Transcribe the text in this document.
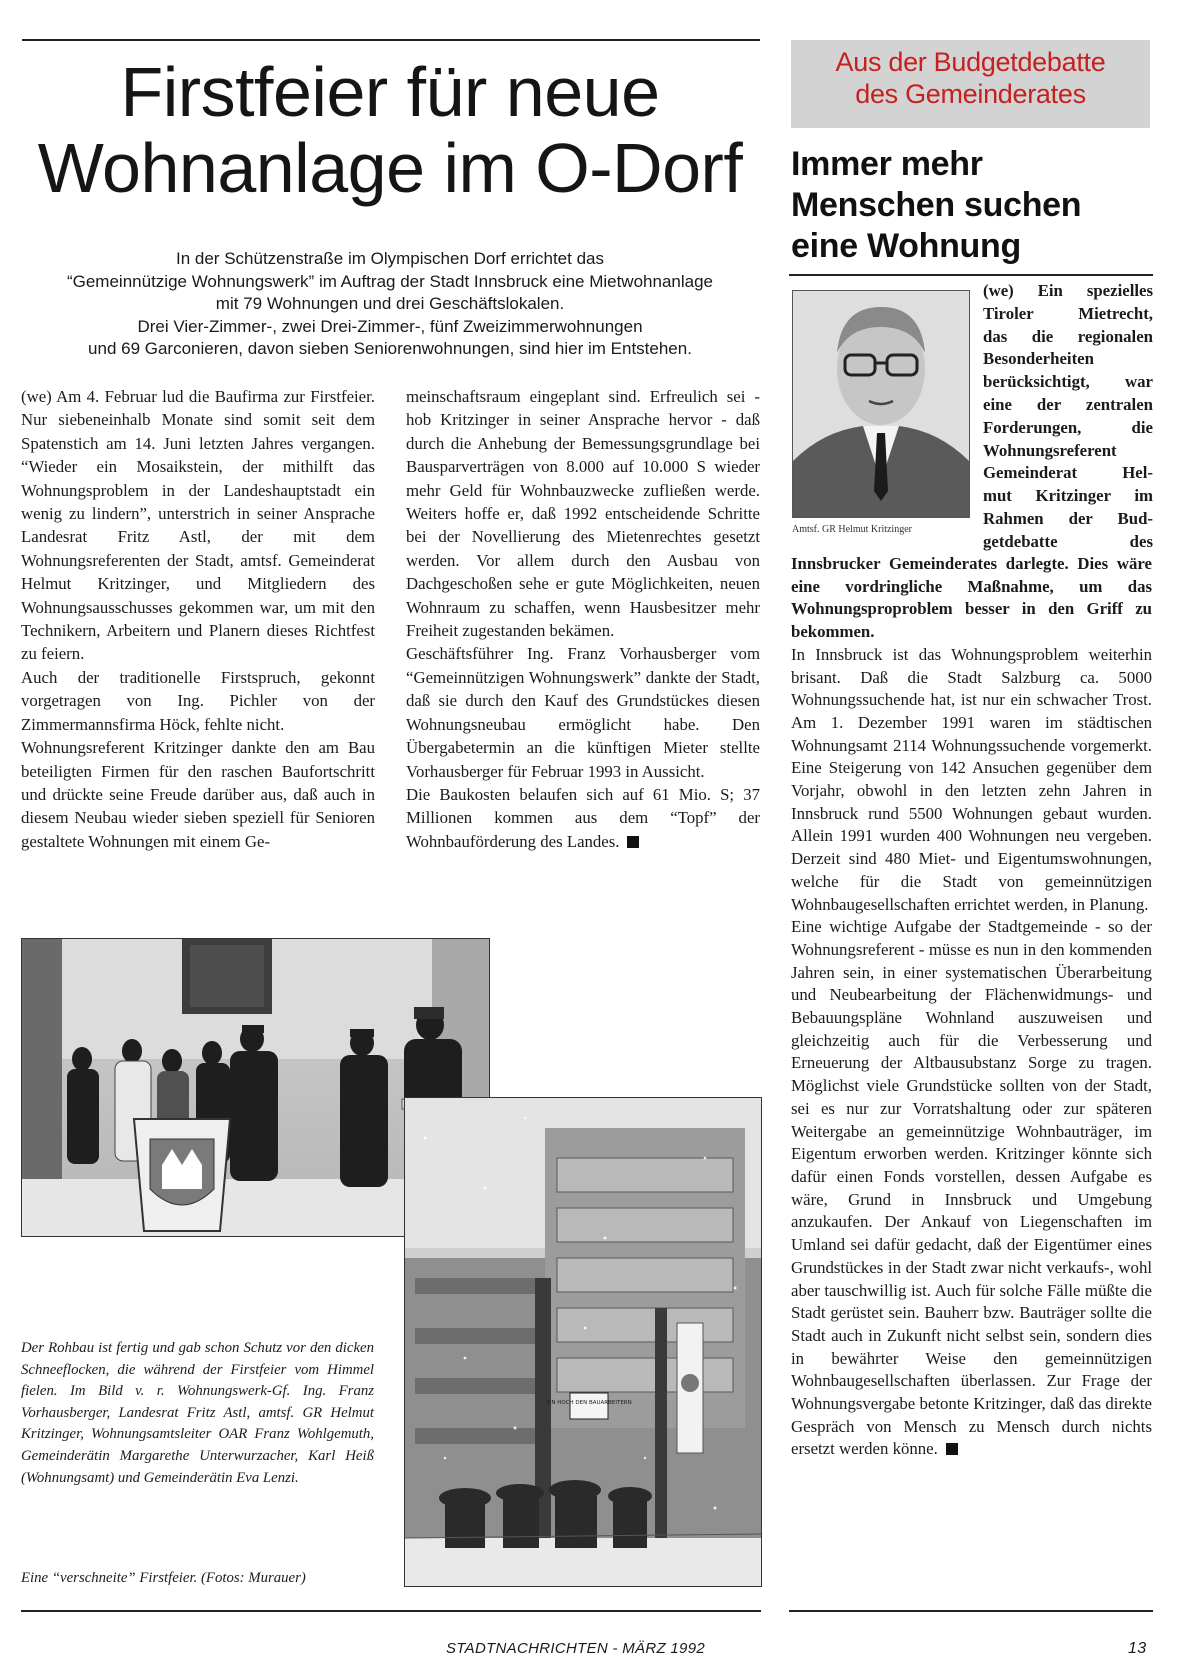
Firstfeier für neue
Wohnanlage im O-Dorf
In der Schützenstraße im Olympischen Dorf errichtet das
“Gemeinnützige Wohnungswerk” im Auftrag der Stadt Innsbruck eine Mietwohnanlage
mit 79 Wohnungen und drei Geschäftslokalen.
Drei Vier-Zimmer-, zwei Drei-Zimmer-, fünf Zweizimmerwohnungen
und 69 Garconieren, davon sieben Seniorenwohnungen, sind hier im Entstehen.

(we) Am 4. Februar lud die Baufirma zur Firstfeier. Nur siebeneinhalb Monate sind somit seit dem Spatenstich am 14. Juni letzten Jahres vergangen. “Wieder ein Mosaikstein, der mithilft das Wohnungsproblem in der Landeshauptstadt ein wenig zu lindern”, unterstrich in seiner Ansprache Landesrat Fritz Astl, der mit dem Wohnungsreferenten der Stadt, amtsf. Gemeinderat Helmut Kritzinger, und Mitgliedern des Wohnungsausschusses gekommen war, um mit den Technikern, Arbeitern und Planern dieses Richtfest zu feiern.

Auch der traditionelle Firstspruch, gekonnt vorgetragen von Ing. Pichler von der Zimmermannsfirma Höck, fehlte nicht.

Wohnungsreferent Kritzinger dankte den am Bau beteiligten Firmen für den raschen Baufortschritt und drückte seine Freude darüber aus, daß auch in diesem Neubau wieder sieben speziell für Senioren gestaltete Wohnungen mit einem Ge-

meinschaftsraum eingeplant sind. Erfreulich sei - hob Kritzinger in seiner Ansprache hervor - daß durch die Anhebung der Bemessungsgrundlage bei Bausparverträgen von 8.000 auf 10.000 S wieder mehr Geld für Wohnbauzwecke zufließen werde. Weiters hoffe er, daß 1992 entscheidende Schritte bei der Novellierung des Mietenrechtes gesetzt werden. Vor allem durch den Ausbau von Dachgeschoßen sehe er gute Möglichkeiten, neuen Wohnraum zu schaffen, wenn Hausbesitzer mehr Freiheit zugestanden bekämen.

Geschäftsführer Ing. Franz Vorhausberger vom “Gemeinnützigen Wohnungswerk” dankte der Stadt, daß sie durch den Kauf des Grundstückes diesen Wohnungsneubau ermöglicht habe. Den Übergabetermin an die künftigen Mieter stellte Vorhausberger für Februar 1993 in Aussicht.

Die Baukosten belaufen sich auf 61 Mio. S; 37 Millionen kommen aus dem “Topf” der Wohnbauförderung des Landes.

EIN HOCH DEN BAUARBEITERN
Der Rohbau ist fertig und gab schon Schutz vor den dicken Schneeflocken, die während der Firstfeier vom Himmel fielen. Im Bild v. r. Wohnungswerk-Gf. Ing. Franz Vorhausberger, Landesrat Fritz Astl, amtsf. GR Helmut Kritzinger, Wohnungsamtsleiter OAR Franz Wohlgemuth, Gemeinderätin Margarethe Unterwurzacher, Karl Heiß (Wohnungsamt) und Gemeinderätin Eva Lenzi.
Eine “verschneite” Firstfeier. (Fotos: Murauer)
Aus der Budgetdebatte
des Gemeinderates
Immer mehr
Menschen suchen
eine Wohnung
Amtsf. GR Helmut Kritzinger
(we) Ein spezielles
Tiroler Mietrecht,
das die regionalen
Besonderheiten
berücksichtigt, war
eine der zentralen
Forderungen, die
Wohnungsreferent
Gemeinderat Hel-
mut Kritzinger im
Rahmen der Bud-
getdebatte des

Innsbrucker Gemeinderates darlegte. Dies wäre eine vordringliche Maßnahme, um das Wohnungsproproblem besser in den Griff zu bekommen.

In Innsbruck ist das Wohnungsproblem weiterhin brisant. Daß die Stadt Salzburg ca. 5000 Wohnungssuchende hat, ist nur ein schwacher Trost. Am 1. Dezember 1991 waren im städtischen Wohnungsamt 2114 Wohnungssuchende vorgemerkt. Eine Steigerung von 142 Ansuchen gegenüber dem Vorjahr, obwohl in den letzten zehn Jahren in Innsbruck rund 5500 Wohnungen gebaut wurden. Allein 1991 wurden 400 Wohnungen neu vergeben. Derzeit sind 480 Miet- und Eigentumswohnungen, welche für die Stadt von gemeinnützigen Wohnbaugesellschaften errichtet werden, in Planung.

Eine wichtige Aufgabe der Stadtgemeinde - so der Wohnungsreferent - müsse es nun in den kommenden Jahren sein, in einer systematischen Überarbeitung und Neubearbeitung der Flächenwidmungs- und Bebauungspläne Wohnland auszuweisen und gleichzeitig auch für die Verbesserung und Erneuerung der Altbausubstanz Sorge zu tragen. Möglichst viele Grundstücke sollten von der Stadt, sei es nur zur Vorratshaltung oder zur späteren Weitergabe an gemeinnützige Wohnbauträger, im Eigentum erworben werden. Kritzinger könnte sich dafür einen Fonds vorstellen, dessen Aufgabe es wäre, Grund in Innsbruck und Umgebung anzukaufen. Der Ankauf von Liegenschaften im Umland sei dafür gedacht, daß der Eigentümer eines Grundstückes in der Stadt zwar nicht verkaufs-, wohl aber tauschwillig ist. Auch für solche Fälle müßte die Stadt gerüstet sein. Bauherr bzw. Bauträger sollte die Stadt auch in Zukunft nicht selbst sein, sondern dies in bewährter Weise den gemeinnützigen Wohnbaugesellschaften überlassen. Zur Frage der Wohnungsvergabe betonte Kritzinger, daß das direkte Gespräch von Mensch zu Mensch durch nichts ersetzt werden könne.

STADTNACHRICHTEN - MÄRZ 1992	13
